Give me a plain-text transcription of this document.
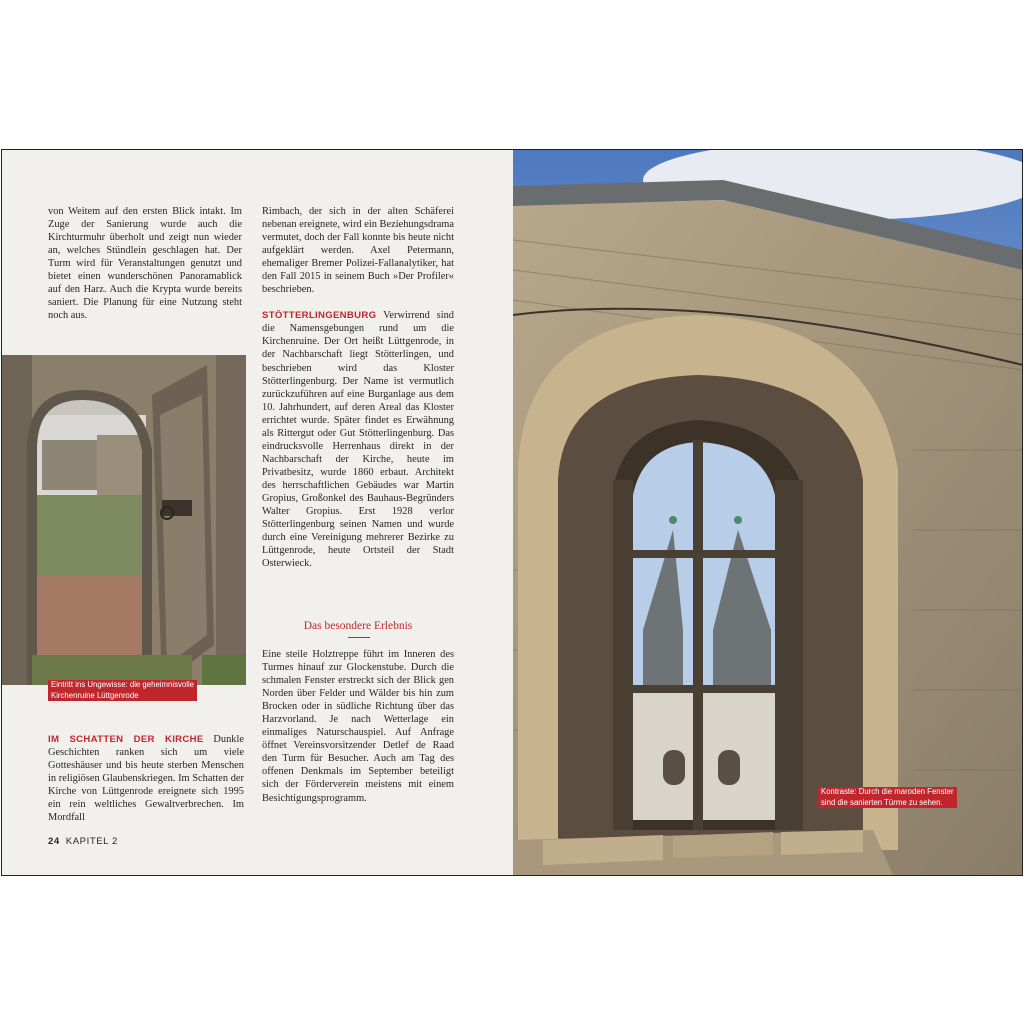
von Weitem auf den ersten Blick intakt. Im Zuge der Sanierung wurde auch die Kirchturmuhr überholt und zeigt nun wieder an, welches Stündlein geschlagen hat. Der Turm wird für Veranstaltungen genutzt und bietet einen wunderschönen Panoramablick auf den Harz. Auch die Krypta wurde bereits saniert. Die Planung für eine Nutzung steht noch aus.

Eintritt ins Ungewisse: die geheimnisvolle
Kirchenruine Lüttgenrode

IM SCHATTEN DER KIRCHE Dunkle Geschichten ranken sich um viele Gotteshäuser und bis heute sterben Menschen in religiösen Glaubenskriegen. Im Schatten der Kirche von Lüttgenrode ereignete sich 1995 ein rein weltliches Gewaltverbrechen. Im Mordfall

Rimbach, der sich in der alten Schäferei nebenan ereignete, wird ein Beziehungsdrama vermutet, doch der Fall konnte bis heute nicht aufgeklärt werden. Axel Petermann, ehemaliger Bremer Polizei-Fallanalytiker, hat den Fall 2015 in seinem Buch »Der Profiler« beschrieben.

STÖTTERLINGENBURG Verwirrend sind die Namensgebungen rund um die Kirchenruine. Der Ort heißt Lüttgenrode, in der Nachbarschaft liegt Stötterlingen, und beschrieben wird das Kloster Stötterlingenburg. Der Name ist vermutlich zurückzuführen auf eine Burganlage aus dem 10. Jahrhundert, auf deren Areal das Kloster errichtet wurde. Später findet es Erwähnung als Rittergut oder Gut Stötterlingenburg. Das eindrucksvolle Herrenhaus direkt in der Nachbarschaft der Kirche, heute im Privatbesitz, wurde 1860 erbaut. Architekt des herrschaftlichen Gebäudes war Martin Gropius, Großonkel des Bauhaus-Begründers Walter Gropius. Erst 1928 verlor Stötterlingenburg seinen Namen und wurde durch eine Vereinigung mehrerer Bezirke zu Lüttgenrode, heute Ortsteil der Stadt Osterwieck.

Das besondere Erlebnis

Eine steile Holztreppe führt im Inneren des Turmes hinauf zur Glockenstube. Durch die schmalen Fenster erstreckt sich der Blick gen Norden über Felder und Wälder bis hin zum Brocken oder in südliche Richtung über das Harzvorland. Je nach Wetterlage ein einmaliges Naturschauspiel. Auf Anfrage öffnet Vereinsvorsitzender Detlef de Raad den Turm für Besucher. Auch am Tag des offenen Denkmals im September beteiligt sich der Förderverein meistens mit einem Besichtigungsprogramm.

24 KAPITEL 2
Kontraste: Durch die maroden Fenster
sind die sanierten Türme zu sehen.
